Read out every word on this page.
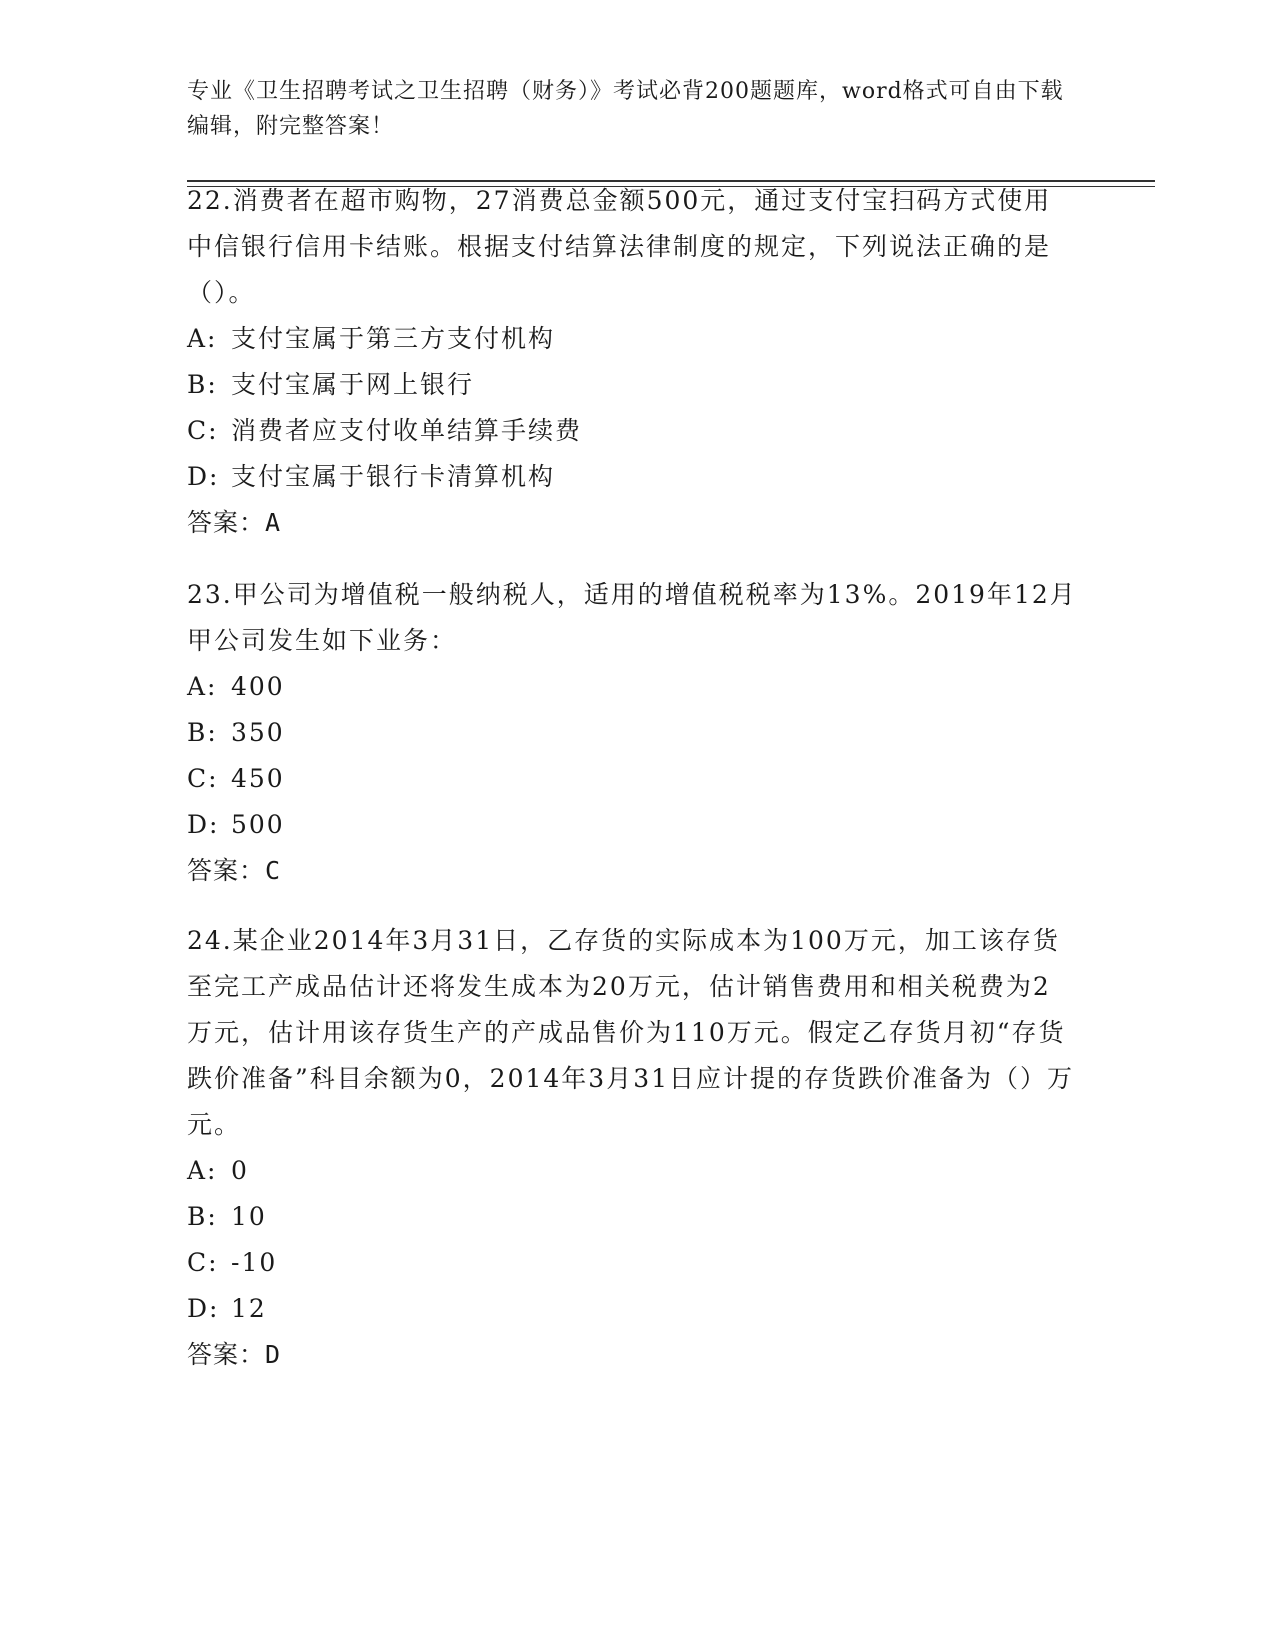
专业《卫生招聘考试之卫生招聘（财务）》考试必背200题题库，word格式可自由下载编辑，附完整答案！

22.消费者在超市购物，27消费总金额500元，通过支付宝扫码方式使用中信银行信用卡结账。根据支付结算法律制度的规定，下列说法正确的是（）。

A: 支付宝属于第三方支付机构

B: 支付宝属于网上银行

C: 消费者应支付收单结算手续费

D: 支付宝属于银行卡清算机构

答案：A

23.甲公司为增值税一般纳税人，适用的增值税税率为13%。2019年12月甲公司发生如下业务：

A: 400

B: 350

C: 450

D: 500

答案：C

24.某企业2014年3月31日，乙存货的实际成本为100万元，加工该存货至完工产成品估计还将发生成本为20万元，估计销售费用和相关税费为2万元，估计用该存货生产的产成品售价为110万元。假定乙存货月初“存货跌价准备”科目余额为0，2014年3月31日应计提的存货跌价准备为（）万元。

A: 0

B: 10

C: -10

D: 12

答案：D
